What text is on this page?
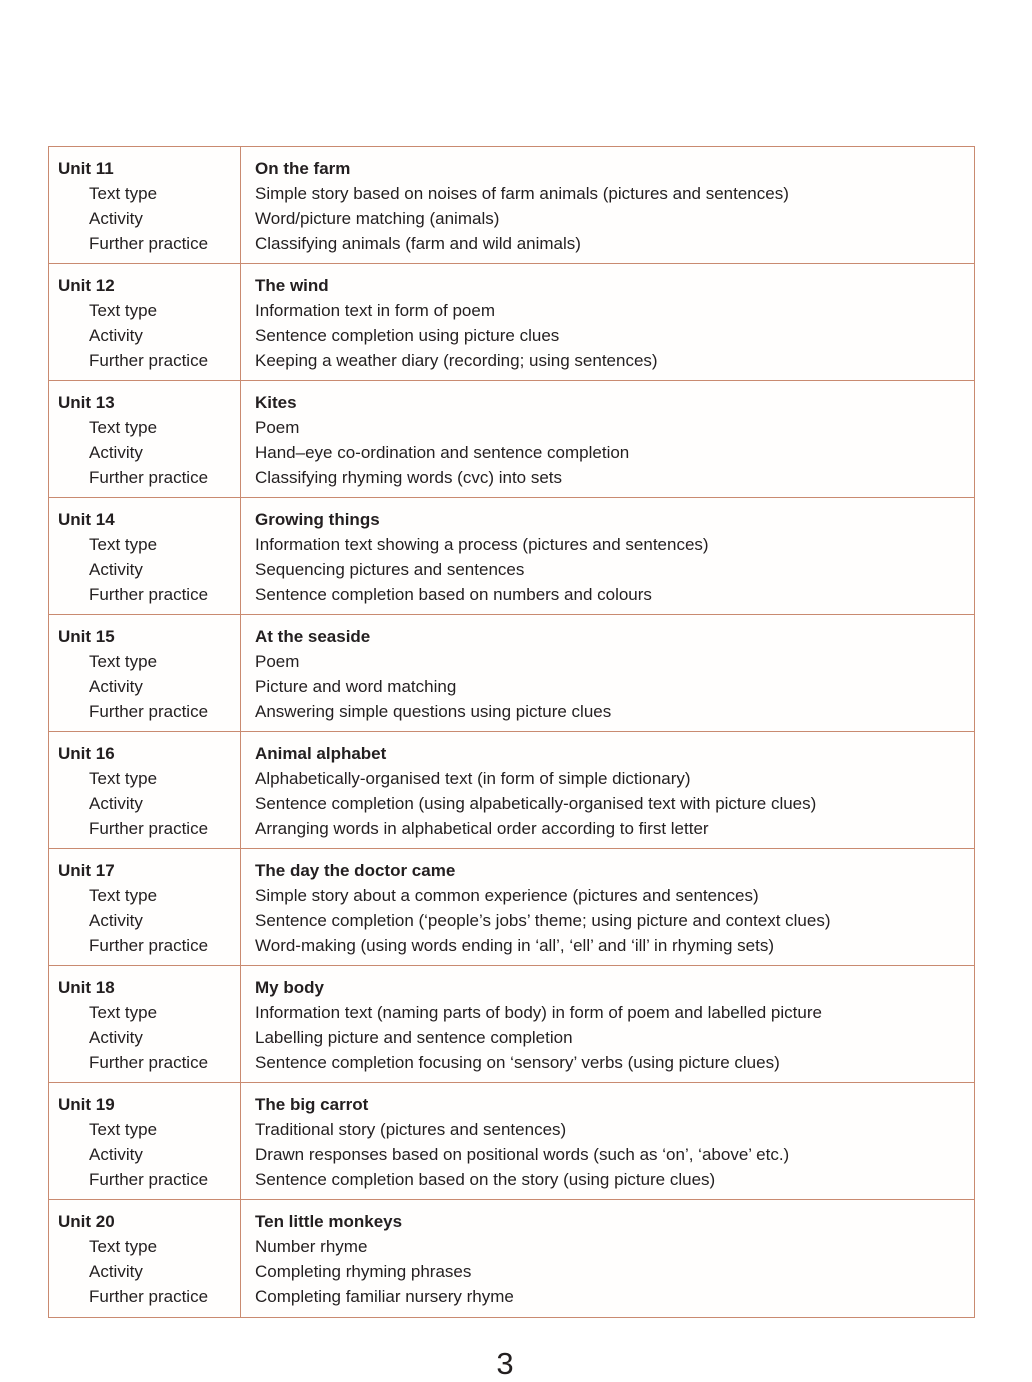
Unit 11
Text type
Activity
Further practice
On the farm
Simple story based on noises of farm animals (pictures and sentences)
Word/picture matching (animals)
Classifying animals (farm and wild animals)
Unit 12
Text type
Activity
Further practice
The wind
Information text in form of poem
Sentence completion using picture clues
Keeping a weather diary (recording; using sentences)
Unit 13
Text type
Activity
Further practice
Kites
Poem
Hand–eye co-ordination and sentence completion
Classifying rhyming words (cvc) into sets
Unit 14
Text type
Activity
Further practice
Growing things
Information text showing a process (pictures and sentences)
Sequencing pictures and sentences
Sentence completion based on numbers and colours
Unit 15
Text type
Activity
Further practice
At the seaside
Poem
Picture and word matching
Answering simple questions using picture clues
Unit 16
Text type
Activity
Further practice
Animal alphabet
Alphabetically-organised text (in form of simple dictionary)
Sentence completion (using alpabetically-organised text with picture clues)
Arranging words in alphabetical order according to first letter
Unit 17
Text type
Activity
Further practice
The day the doctor came
Simple story about a common experience (pictures and sentences)
Sentence completion (‘people’s jobs’ theme; using picture and context clues)
Word-making (using words ending in ‘all’, ‘ell’ and ‘ill’ in rhyming sets)
Unit 18
Text type
Activity
Further practice
My body
Information text (naming parts of body) in form of poem and labelled picture
Labelling picture and sentence completion
Sentence completion focusing on ‘sensory’ verbs (using picture clues)
Unit 19
Text type
Activity
Further practice
The big carrot
Traditional story (pictures and sentences)
Drawn responses based on positional words (such as ‘on’, ‘above’ etc.)
Sentence completion based on the story (using picture clues)
Unit 20
Text type
Activity
Further practice
Ten little monkeys
Number rhyme
Completing rhyming phrases
Completing familiar nursery rhyme
3
